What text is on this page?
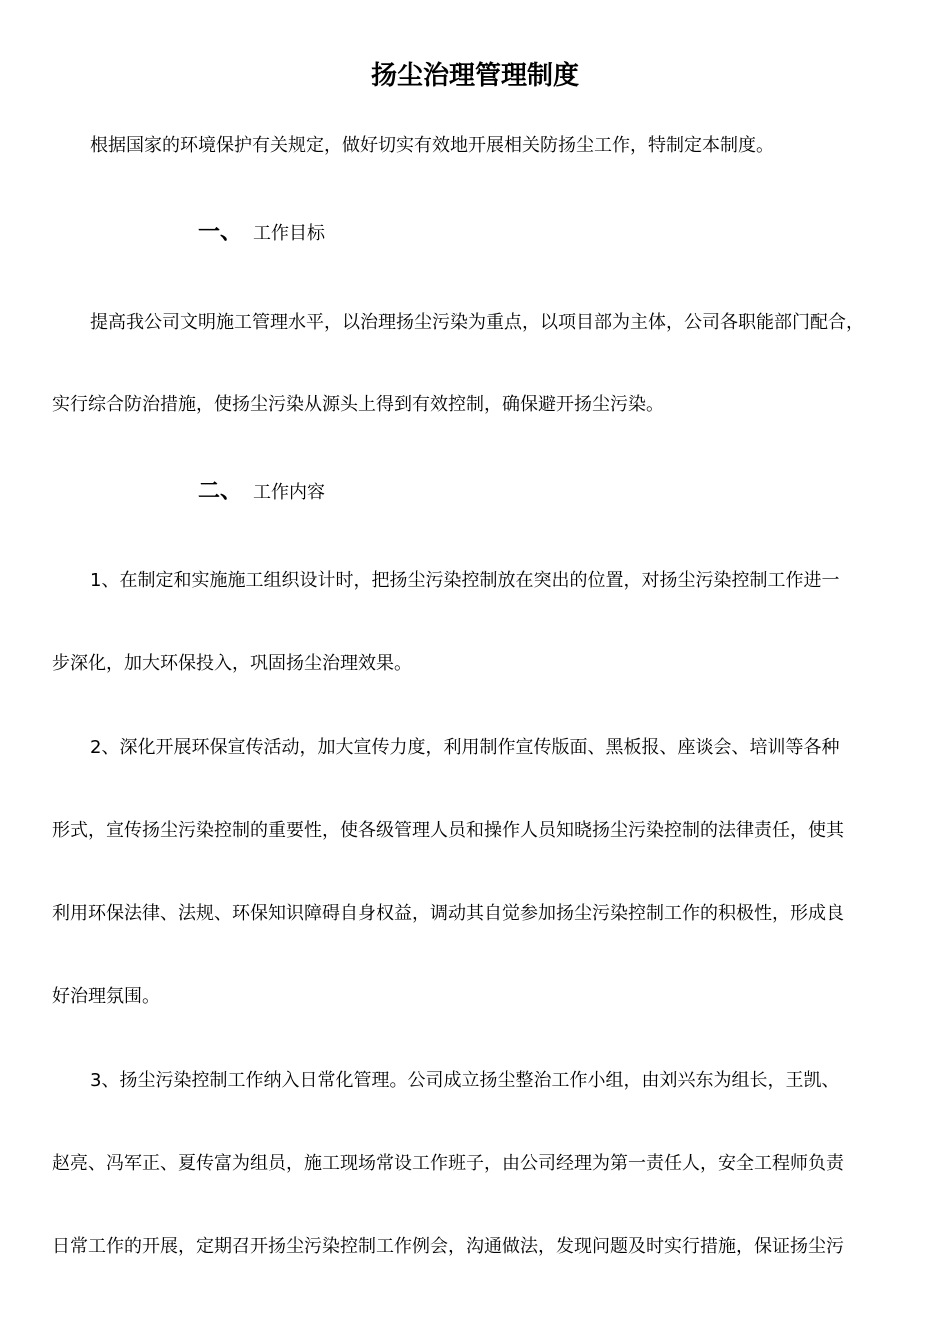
扬尘治理管理制度
根据国家的环境保护有关规定，做好切实有效地开展相关防扬尘工作，特制定本制度。
一、 工作目标
提高我公司文明施工管理水平，以治理扬尘污染为重点，以项目部为主体，公司各职能部门配合，
实行综合防治措施，使扬尘污染从源头上得到有效控制，确保避开扬尘污染。
二、 工作内容
1、在制定和实施施工组织设计时，把扬尘污染控制放在突出的位置，对扬尘污染控制工作进一
步深化，加大环保投入，巩固扬尘治理效果。
2、深化开展环保宣传活动，加大宣传力度，利用制作宣传版面、黑板报、座谈会、培训等各种
形式，宣传扬尘污染控制的重要性，使各级管理人员和操作人员知晓扬尘污染控制的法律责任，使其
利用环保法律、法规、环保知识障碍自身权益，调动其自觉参加扬尘污染控制工作的积极性，形成良
好治理氛围。
3、扬尘污染控制工作纳入日常化管理。公司成立扬尘整治工作小组，由刘兴东为组长，王凯、
赵亮、冯军正、夏传富为组员，施工现场常设工作班子，由公司经理为第一责任人，安全工程师负责
日常工作的开展，定期召开扬尘污染控制工作例会，沟通做法，发现问题及时实行措施，保证扬尘污
